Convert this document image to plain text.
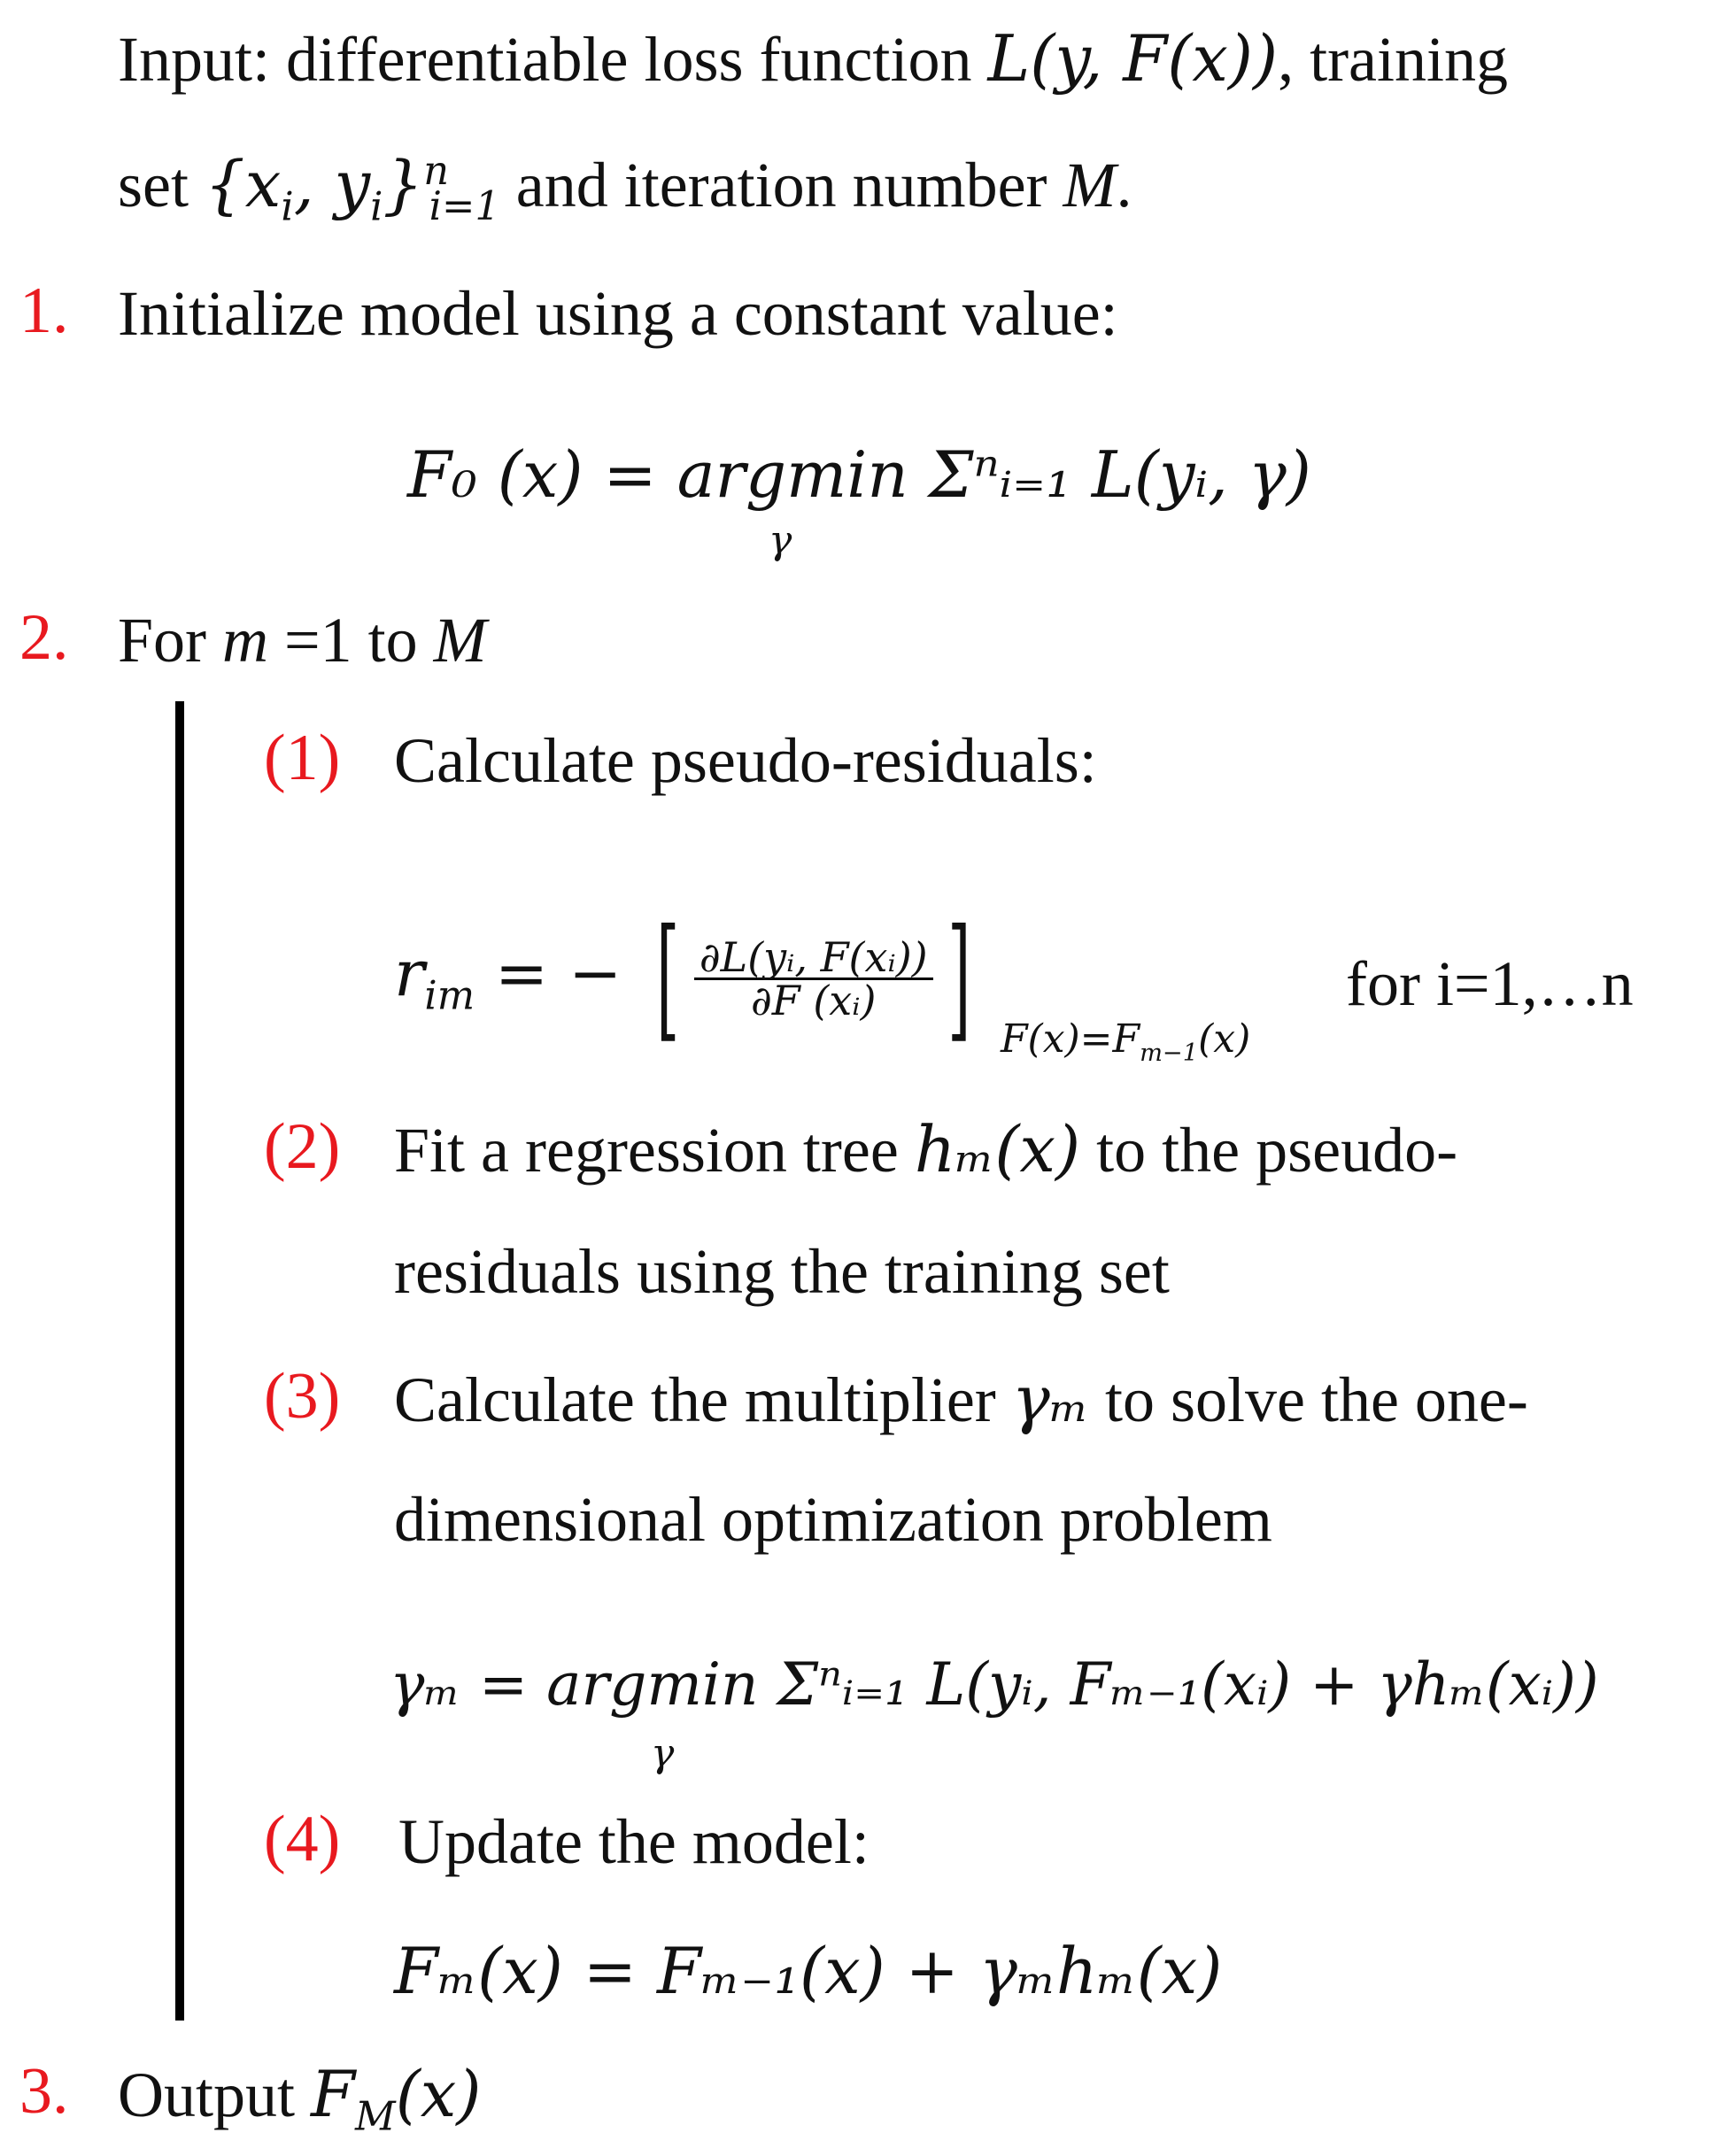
Input: differentiable loss function L(y, F(x)), training
set {$x_i$, $y_i\}^n_{i=1}$ and iteration number M.
1. Initialize model using a constant value:
F₀ (x) = argmin Σⁿᵢ₌₁ L(yᵢ, γ)
γ
2. For m =1 to M
(1) Calculate pseudo-residuals:
$r_{im}$ = − [ $\frac{\text{∂L(yᵢ, F(xᵢ))}}{\text{∂F (xᵢ)}}$ ] $F(x)=F_{m-1}(x)$
for i=1,…n
(2) Fit a regression tree hₘ(x) to the pseudo-
residuals using the training set
(3) Calculate the multiplier γₘ to solve the one-
dimensional optimization problem
γₘ = argmin Σⁿᵢ₌₁ L(yᵢ, Fₘ₋₁(xᵢ) + γhₘ(xᵢ))
γ
(4) Update the model:
Fₘ(x) = Fₘ₋₁(x) + γₘhₘ(x)
3. Output $F_M(x)$
